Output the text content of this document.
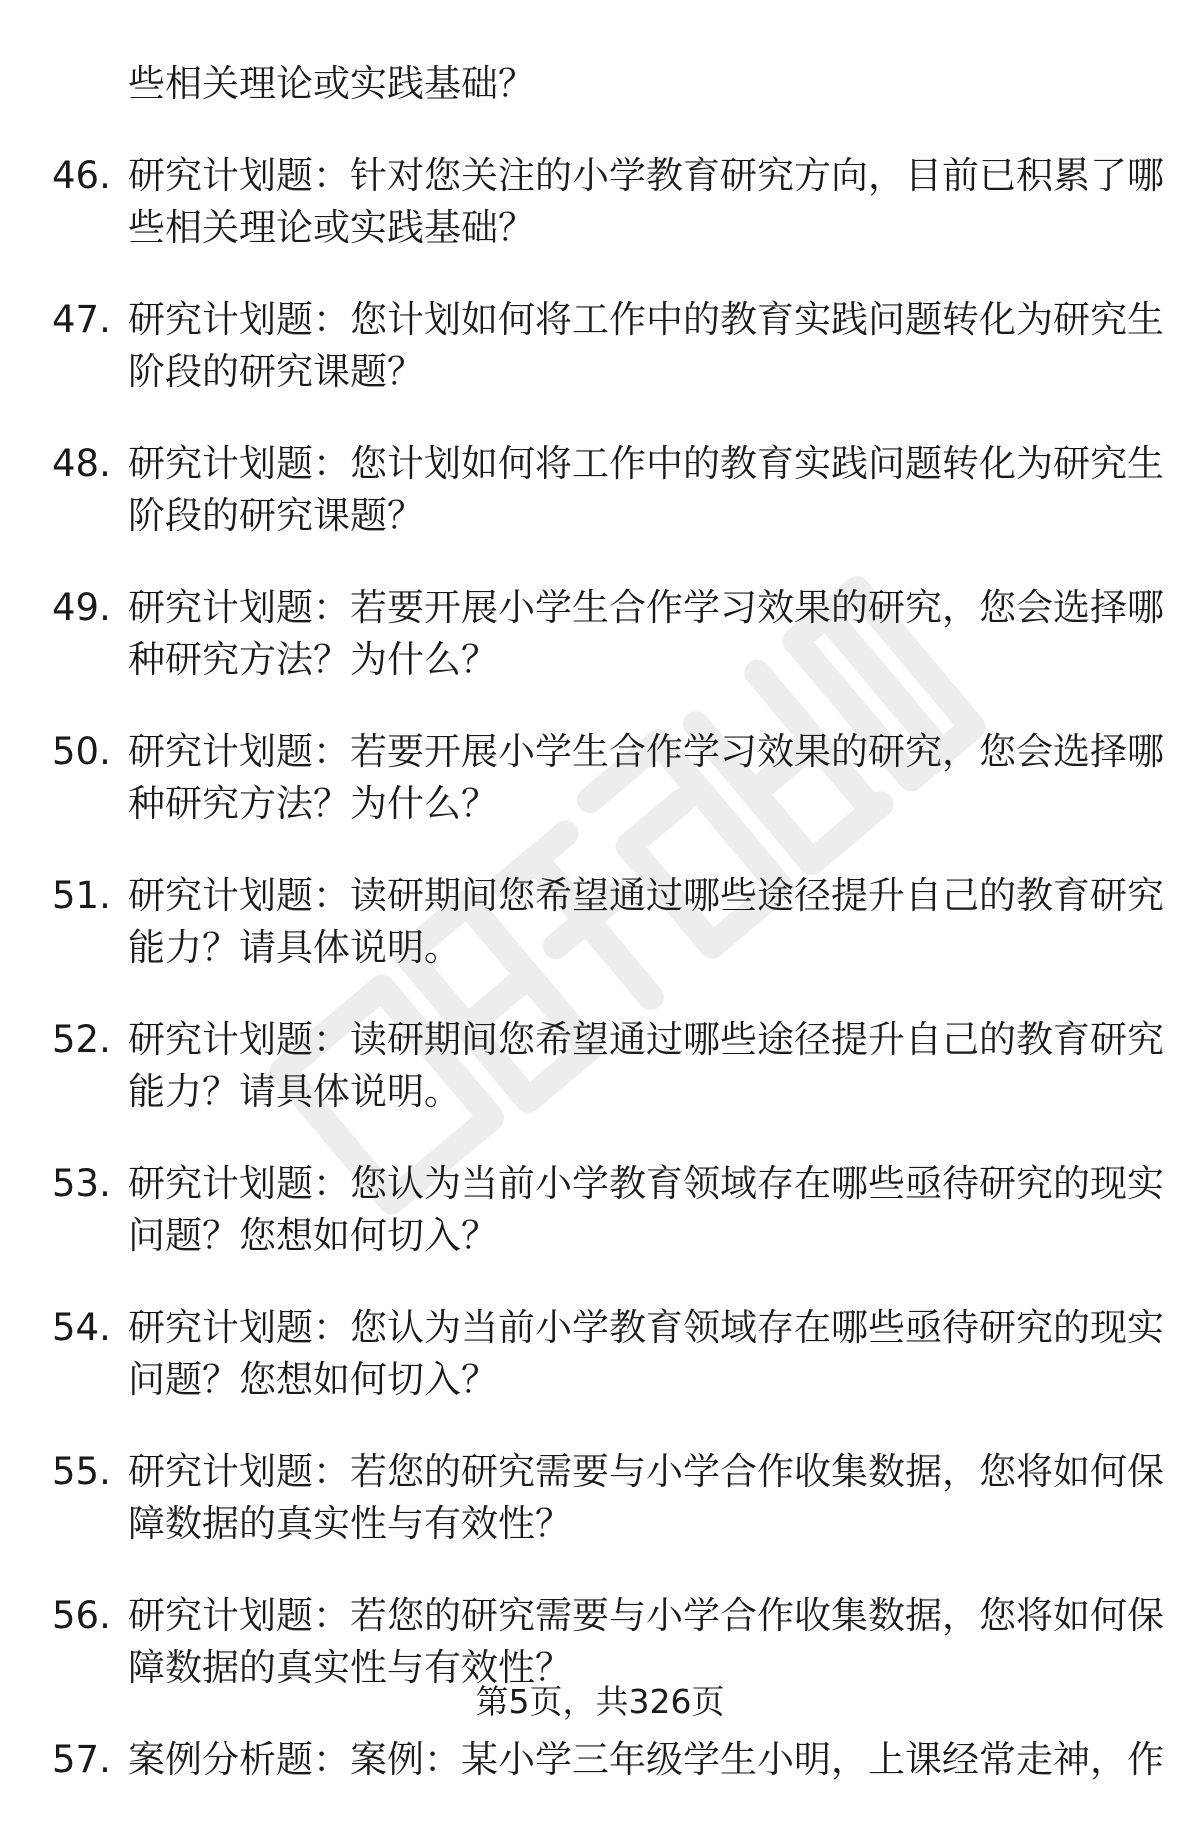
些相关理论或实践基础？
46. 研究计划题：针对您关注的小学教育研究方向，目前已积累了哪
些相关理论或实践基础？
47. 研究计划题：您计划如何将工作中的教育实践问题转化为研究生
阶段的研究课题？
48. 研究计划题：您计划如何将工作中的教育实践问题转化为研究生
阶段的研究课题？
49. 研究计划题：若要开展小学生合作学习效果的研究，您会选择哪
种研究方法？为什么？
50. 研究计划题：若要开展小学生合作学习效果的研究，您会选择哪
种研究方法？为什么？
51. 研究计划题：读研期间您希望通过哪些途径提升自己的教育研究
能力？请具体说明。
52. 研究计划题：读研期间您希望通过哪些途径提升自己的教育研究
能力？请具体说明。
53. 研究计划题：您认为当前小学教育领域存在哪些亟待研究的现实
问题？您想如何切入？
54. 研究计划题：您认为当前小学教育领域存在哪些亟待研究的现实
问题？您想如何切入？
55. 研究计划题：若您的研究需要与小学合作收集数据，您将如何保
障数据的真实性与有效性？
56. 研究计划题：若您的研究需要与小学合作收集数据，您将如何保
障数据的真实性与有效性？
57. 案例分析题：案例：某小学三年级学生小明，上课经常走神，作
第5页，共326页
